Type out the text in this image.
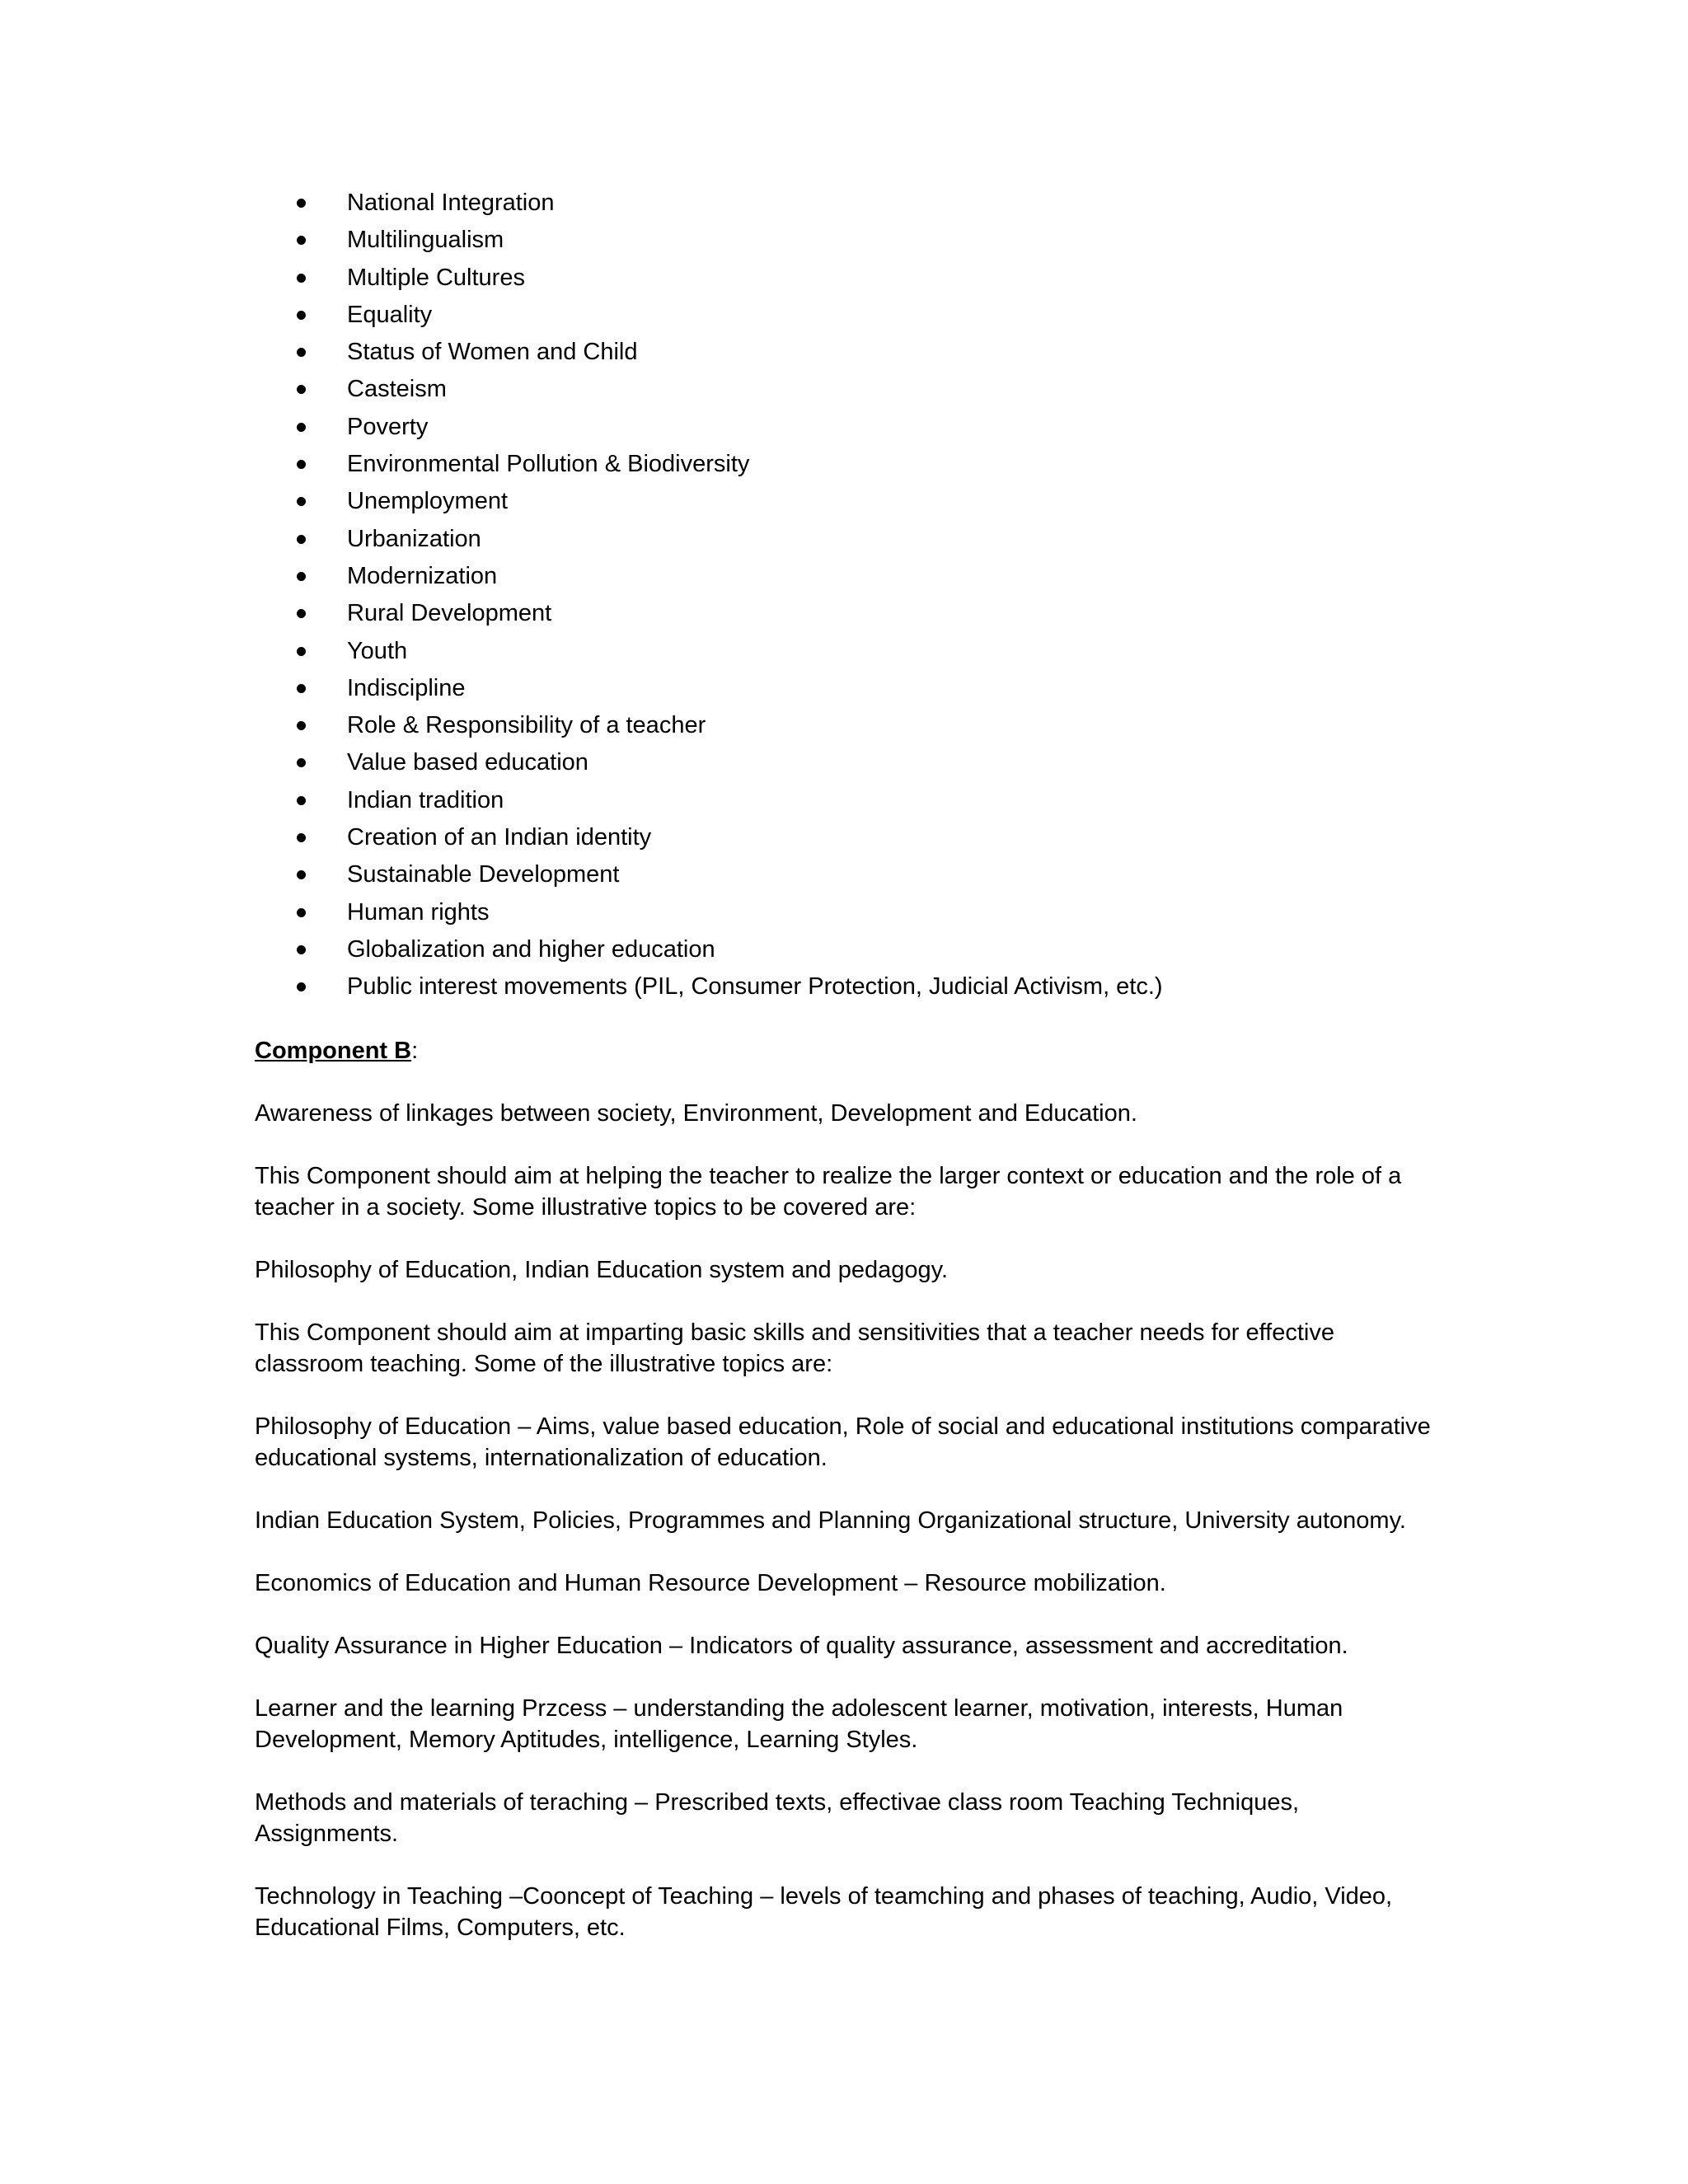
National Integration
Multilingualism
Multiple Cultures
Equality
Status of Women and Child
Casteism
Poverty
Environmental Pollution & Biodiversity
Unemployment
Urbanization
Modernization
Rural Development
Youth
Indiscipline
Role & Responsibility of a teacher
Value based education
Indian tradition
Creation of an Indian identity
Sustainable Development
Human rights
Globalization and higher education
Public interest movements (PIL, Consumer Protection, Judicial Activism, etc.)

Component B:

Awareness of linkages between society, Environment, Development and Education.

This Component should aim at helping the teacher to realize the larger context or education and the role of a teacher in a society. Some illustrative topics to be covered are:

Philosophy of Education, Indian Education system and pedagogy.

This Component should aim at imparting basic skills and sensitivities that a teacher needs for effective classroom teaching. Some of the illustrative topics are:

Philosophy of Education – Aims, value based education, Role of social and educational institutions comparative educational systems, internationalization of education.

Indian Education System, Policies, Programmes and Planning Organizational structure, University autonomy.

Economics of Education and Human Resource Development – Resource mobilization.

Quality Assurance in Higher Education – Indicators of quality assurance, assessment and accreditation.

Learner and the learning Przcess – understanding the adolescent learner, motivation, interests, Human Development, Memory Aptitudes, intelligence, Learning Styles.

Methods and materials of teraching – Prescribed texts, effectivae class room Teaching Techniques, Assignments.

Technology in Teaching –Cooncept of Teaching – levels of teamching and phases of teaching, Audio, Video, Educational Films, Computers, etc.
